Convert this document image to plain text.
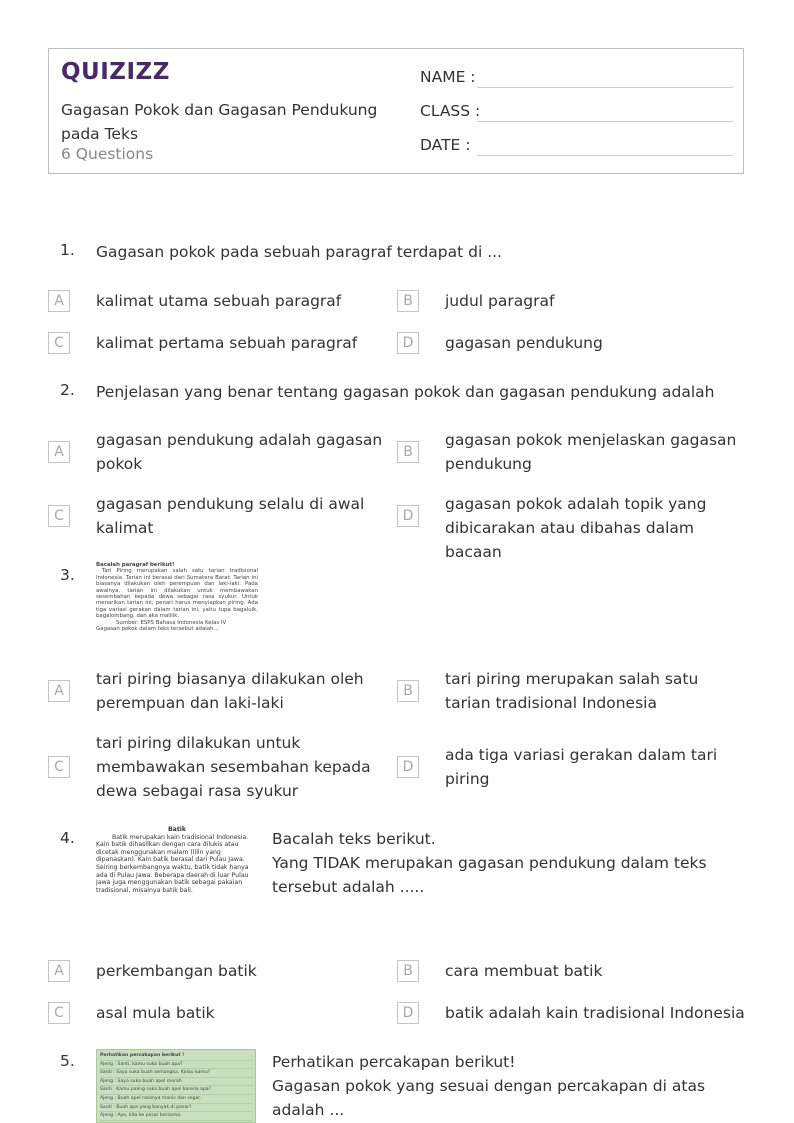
QUIZIZZ
Gagasan Pokok dan Gagasan Pendukung pada Teks
6 Questions
NAME :
CLASS :
DATE :
1. Gagasan pokok pada sebuah paragraf terdapat di ...
A	kalimat utama sebuah paragraf	B	judul paragraf
C	kalimat pertama sebuah paragraf	D	gagasan pendukung
2. Penjelasan yang benar tentang gagasan pokok dan gagasan pendukung adalah
A
gagasan pendukung adalah gagasan pokok
B
gagasan pokok menjelaskan gagasan pendukung
C
gagasan pendukung selalu di awal kalimat
D
gagasan pokok adalah topik yang dibicarakan atau dibahas dalam bacaan
3.

Bacalah paragraf berikut!

Tari Piring merupakan salah satu tarian tradisional Indonesia. Tarian ini berasal dari Sumatera Barat. Tarian ini biasanya dilakukan oleh perempuan dan laki-laki. Pada awalnya, tarian ini dilakukan untuk membawakan sesembahan kepada dewa sebagai rasa syukur. Untuk menarikan tarian ini, penari harus menyiapkan piring. Ada tiga variasi gerakan dalam tarian ini, yaitu tupa bagaluik, bagalombang, dan aka malilik.

Sumber: ESPS Bahasa Indonesia Kelas IV

Gagasan pokok dalam teks tersebut adalah...

A
tari piring biasanya dilakukan oleh perempuan dan laki-laki
B
tari piring merupakan salah satu tarian tradisional Indonesia
C
tari piring dilakukan untuk membawakan sesembahan kepada dewa sebagai rasa syukur
D
ada tiga variasi gerakan dalam tari piring
4.	Batik

Batik merupakan kain tradisional Indonesia. Kain batik dihasilkan dengan cara dilukis atau dicetak menggunakan malam (lilin yang dipanaskan). Kain batik berasal dari Pulau Jawa. Seiring berkembangnya waktu, batik tidak hanya ada di Pulau Jawa. Beberapa daerah di luar Pulau Jawa juga menggunakan batik sebagai pakaian tradisional, misalnya batik bali.

Bacalah teks berikut.
Yang TIDAK merupakan gagasan pendukung dalam teks tersebut adalah .....
A	perkembangan batik	B	cara membuat batik
C	asal mula batik	D	batik adalah kain tradisional Indonesia
5.	Perhatikan percakapan berikut !
Ajeng : Santi, kamu suka buah apa?
Santi : Saya suka buah semangka. Kalau kamu?
Ajeng : Saya suka buah apel merah.
Santi : Kamu paling suka buah apel karena apa?
Ajeng : Buah apel rasanya manis dan segar.
Santi : Buah apa yang banyak di pasar?
Ajeng : Ayo, kita ke pasar bersama.
Perhatikan percakapan berikut!
Gagasan pokok yang sesuai dengan percakapan di atas adalah ...
